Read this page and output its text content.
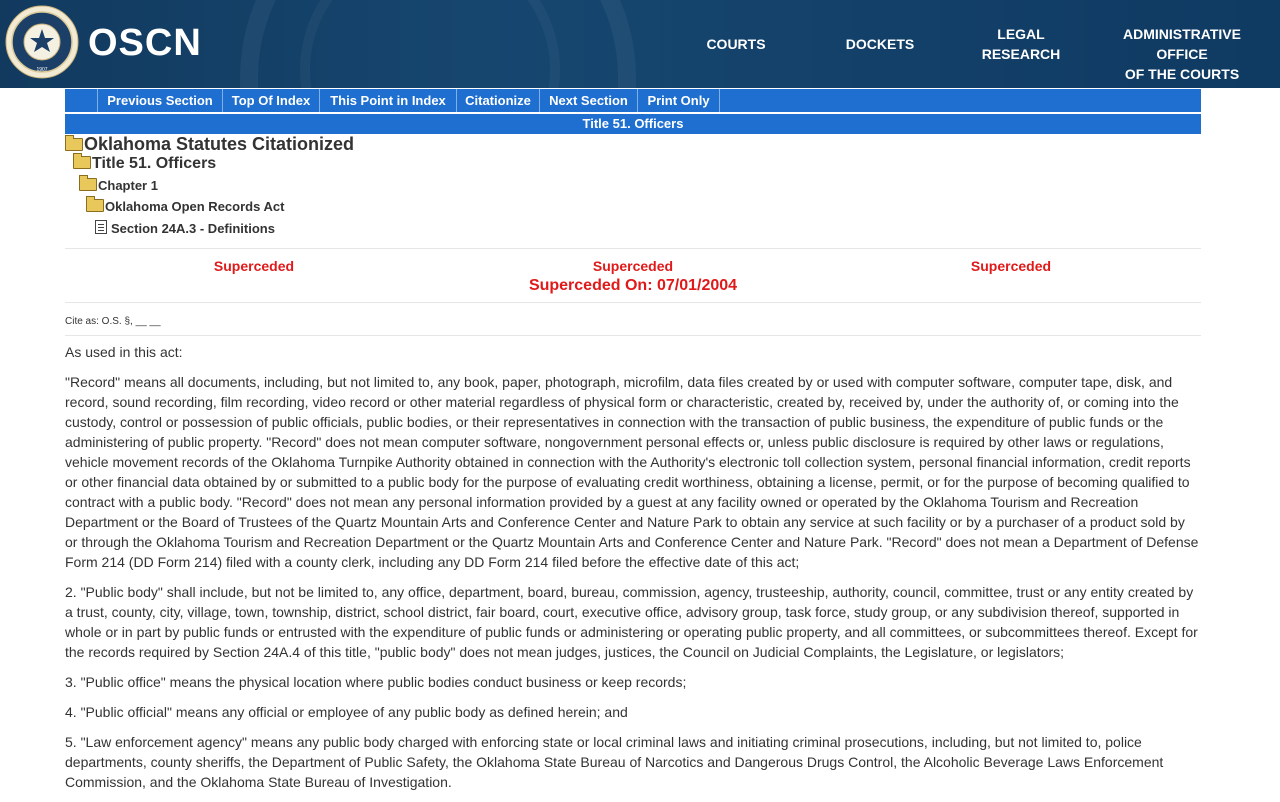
1907
OSCN	COURTS	DOCKETS
LEGAL
RESEARCH
ADMINISTRATIVE OFFICE
OF THE COURTS
Previous Section	Top Of Index	This Point in Index	Citationize	Next Section	Print Only
Title 51. Officers
Oklahoma Statutes Citationized
Title 51. Officers
Chapter 1
Oklahoma Open Records Act
Section 24A.3 - Definitions
Superceded	Superceded	Superceded
Superceded On: 07/01/2004
Cite as: O.S. §, __ __

As used in this act:

"Record" means all documents, including, but not limited to, any book, paper, photograph, microfilm, data files created by or used with computer software, computer tape, disk, and record, sound recording, film recording, video record or other material regardless of physical form or characteristic, created by, received by, under the authority of, or coming into the custody, control or possession of public officials, public bodies, or their representatives in connection with the transaction of public business, the expenditure of public funds or the administering of public property. "Record" does not mean computer software, nongovernment personal effects or, unless public disclosure is required by other laws or regulations, vehicle movement records of the Oklahoma Turnpike Authority obtained in connection with the Authority's electronic toll collection system, personal financial information, credit reports or other financial data obtained by or submitted to a public body for the purpose of evaluating credit worthiness, obtaining a license, permit, or for the purpose of becoming qualified to contract with a public body. "Record" does not mean any personal information provided by a guest at any facility owned or operated by the Oklahoma Tourism and Recreation Department or the Board of Trustees of the Quartz Mountain Arts and Conference Center and Nature Park to obtain any service at such facility or by a purchaser of a product sold by or through the Oklahoma Tourism and Recreation Department or the Quartz Mountain Arts and Conference Center and Nature Park. "Record" does not mean a Department of Defense Form 214 (DD Form 214) filed with a county clerk, including any DD Form 214 filed before the effective date of this act;

2. "Public body" shall include, but not be limited to, any office, department, board, bureau, commission, agency, trusteeship, authority, council, committee, trust or any entity created by a trust, county, city, village, town, township, district, school district, fair board, court, executive office, advisory group, task force, study group, or any subdivision thereof, supported in whole or in part by public funds or entrusted with the expenditure of public funds or administering or operating public property, and all committees, or subcommittees thereof. Except for the records required by Section 24A.4 of this title, "public body" does not mean judges, justices, the Council on Judicial Complaints, the Legislature, or legislators;

3. "Public office" means the physical location where public bodies conduct business or keep records;

4. "Public official" means any official or employee of any public body as defined herein; and

5. "Law enforcement agency" means any public body charged with enforcing state or local criminal laws and initiating criminal prosecutions, including, but not limited to, police departments, county sheriffs, the Department of Public Safety, the Oklahoma State Bureau of Narcotics and Dangerous Drugs Control, the Alcoholic Beverage Laws Enforcement Commission, and the Oklahoma State Bureau of Investigation.
